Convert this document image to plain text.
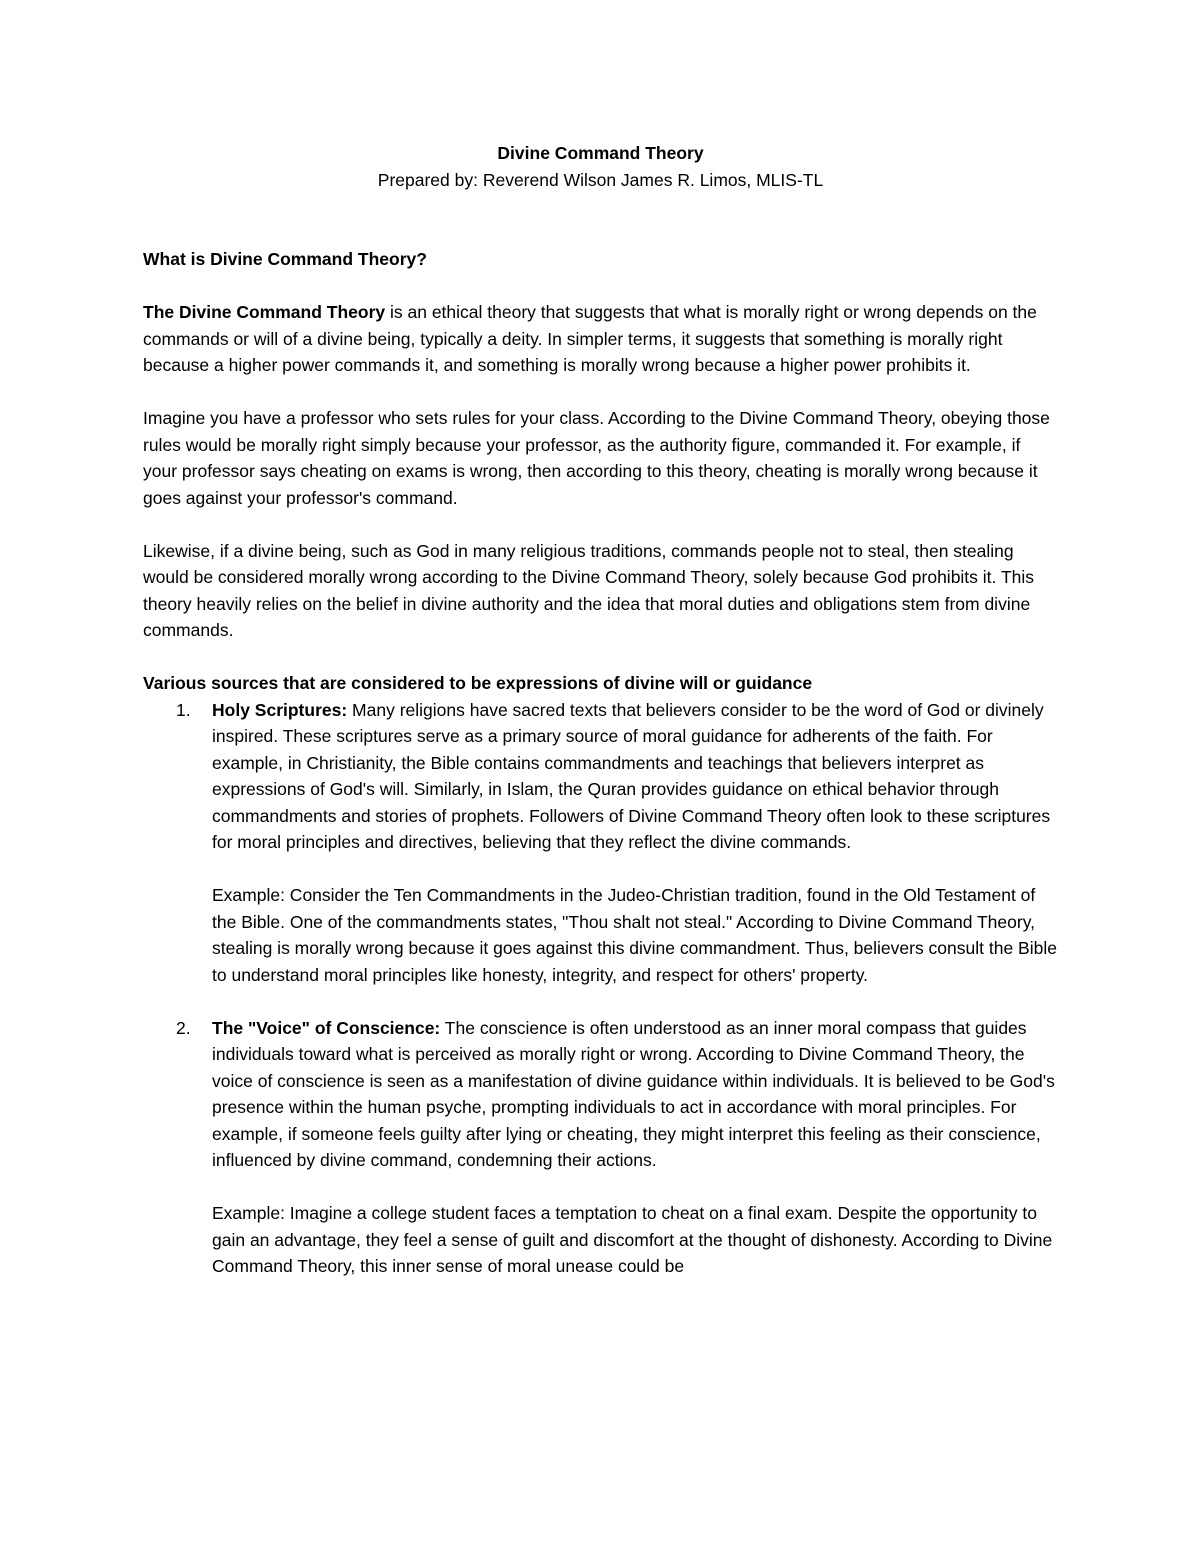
Divine Command Theory

Prepared by: Reverend Wilson James R. Limos, MLIS-TL

What is Divine Command Theory?

The Divine Command Theory is an ethical theory that suggests that what is morally right or wrong depends on the commands or will of a divine being, typically a deity. In simpler terms, it suggests that something is morally right because a higher power commands it, and something is morally wrong because a higher power prohibits it.

Imagine you have a professor who sets rules for your class. According to the Divine Command Theory, obeying those rules would be morally right simply because your professor, as the authority figure, commanded it. For example, if your professor says cheating on exams is wrong, then according to this theory, cheating is morally wrong because it goes against your professor's command.

Likewise, if a divine being, such as God in many religious traditions, commands people not to steal, then stealing would be considered morally wrong according to the Divine Command Theory, solely because God prohibits it. This theory heavily relies on the belief in divine authority and the idea that moral duties and obligations stem from divine commands.

Various sources that are considered to be expressions of divine will or guidance
1. Holy Scriptures: Many religions have sacred texts that believers consider to be the word of God or divinely inspired. These scriptures serve as a primary source of moral guidance for adherents of the faith. For example, in Christianity, the Bible contains commandments and teachings that believers interpret as expressions of God's will. Similarly, in Islam, the Quran provides guidance on ethical behavior through commandments and stories of prophets. Followers of Divine Command Theory often look to these scriptures for moral principles and directives, believing that they reflect the divine commands.

Example: Consider the Ten Commandments in the Judeo-Christian tradition, found in the Old Testament of the Bible. One of the commandments states, "Thou shalt not steal." According to Divine Command Theory, stealing is morally wrong because it goes against this divine commandment. Thus, believers consult the Bible to understand moral principles like honesty, integrity, and respect for others' property.

2. The "Voice" of Conscience: The conscience is often understood as an inner moral compass that guides individuals toward what is perceived as morally right or wrong. According to Divine Command Theory, the voice of conscience is seen as a manifestation of divine guidance within individuals. It is believed to be God's presence within the human psyche, prompting individuals to act in accordance with moral principles. For example, if someone feels guilty after lying or cheating, they might interpret this feeling as their conscience, influenced by divine command, condemning their actions.

Example: Imagine a college student faces a temptation to cheat on a final exam. Despite the opportunity to gain an advantage, they feel a sense of guilt and discomfort at the thought of dishonesty. According to Divine Command Theory, this inner sense of moral unease could be
